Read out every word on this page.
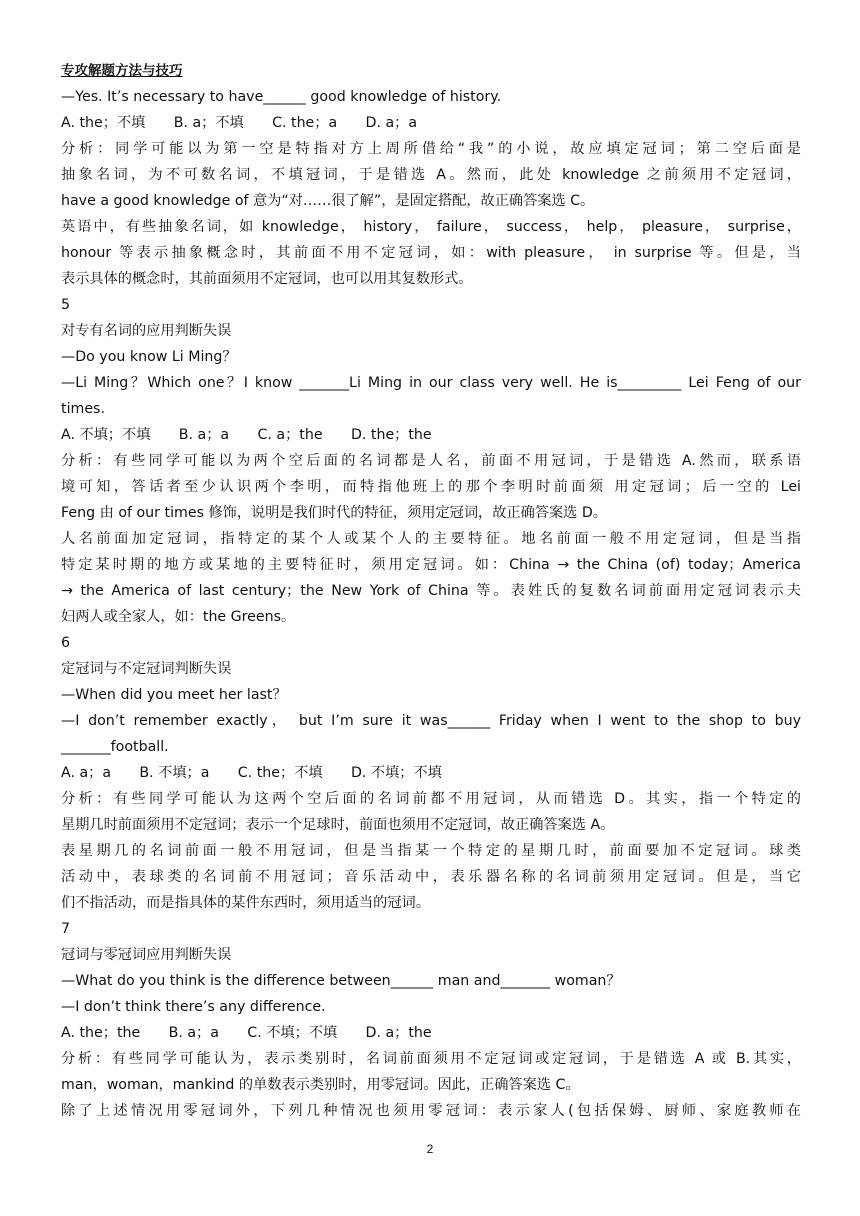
专攻解题方法与技巧
—Yes. It’s necessary to have______ good knowledge of history.
A. the；不填　　B. a；不填　　C. the；a　　D. a；a
分析：同学可能以为第一空是特指对方上周所借给“我”的小说，故应填定冠词；第二空后面是
抽象名词，为不可数名词，不填冠词，于是错选 A。然而，此处 knowledge 之前须用不定冠词，
have a good knowledge of 意为“对……很了解”，是固定搭配，故正确答案选 C。
英语中，有些抽象名词，如 knowledge， history， failure， success， help， pleasure， surprise，
honour 等表示抽象概念时，其前面不用不定冠词，如：with pleasure， in surprise 等。但是，当
表示具体的概念时，其前面须用不定冠词，也可以用其复数形式。
5
对专有名词的应用判断失误
—Do you know Li Ming？
—Li Ming？Which one？I know _______Li Ming in our class very well. He is_________ Lei Feng of our
times.
A. 不填；不填　　B. a；a　　C. a；the　　D. the；the
分析：有些同学可能以为两个空后面的名词都是人名，前面不用冠词，于是错选 A.然而，联系语
境可知，答话者至少认识两个李明，而特指他班上的那个李明时前面须 用定冠词；后一空的 Lei
Feng 由 of our times 修饰，说明是我们时代的特征，须用定冠词，故正确答案选 D。
人名前面加定冠词，指特定的某个人或某个人的主要特征。地名前面一般不用定冠词，但是当指
特定某时期的地方或某地的主要特征时，须用定冠词。如：China → the China (of) today；America
→ the America of last century；the New York of China 等。表姓氏的复数名词前面用定冠词表示夫
妇两人或全家人，如：the Greens。
6
定冠词与不定冠词判断失误
—When did you meet her last？
—I don’t remember exactly， but I’m sure it was______ Friday when I went to the shop to buy
_______football.
A. a；a　　B. 不填；a　　C. the；不填　　D. 不填；不填
分析：有些同学可能认为这两个空后面的名词前都不用冠词，从而错选 D。其实，指一个特定的
星期几时前面须用不定冠词；表示一个足球时，前面也须用不定冠词，故正确答案选 A。
表星期几的名词前面一般不用冠词，但是当指某一个特定的星期几时，前面要加不定冠词。球类
活动中，表球类的名词前不用冠词；音乐活动中，表乐器名称的名词前须用定冠词。但是，当它
们不指活动，而是指具体的某件东西时，须用适当的冠词。
7
冠词与零冠词应用判断失误
—What do you think is the difference between______ man and_______ woman？
—I don’t think there’s any difference.
A. the；the　　B. a；a　　C. 不填；不填　　D. a；the
分析：有些同学可能认为，表示类别时，名词前面须用不定冠词或定冠词，于是错选 A 或 B.其实，
man，woman，mankind 的单数表示类别时，用零冠词。因此，正确答案选 C。
除了上述情况用零冠词外，下列几种情况也须用零冠词：表示家人(包括保姆、厨师、家庭教师在
2
